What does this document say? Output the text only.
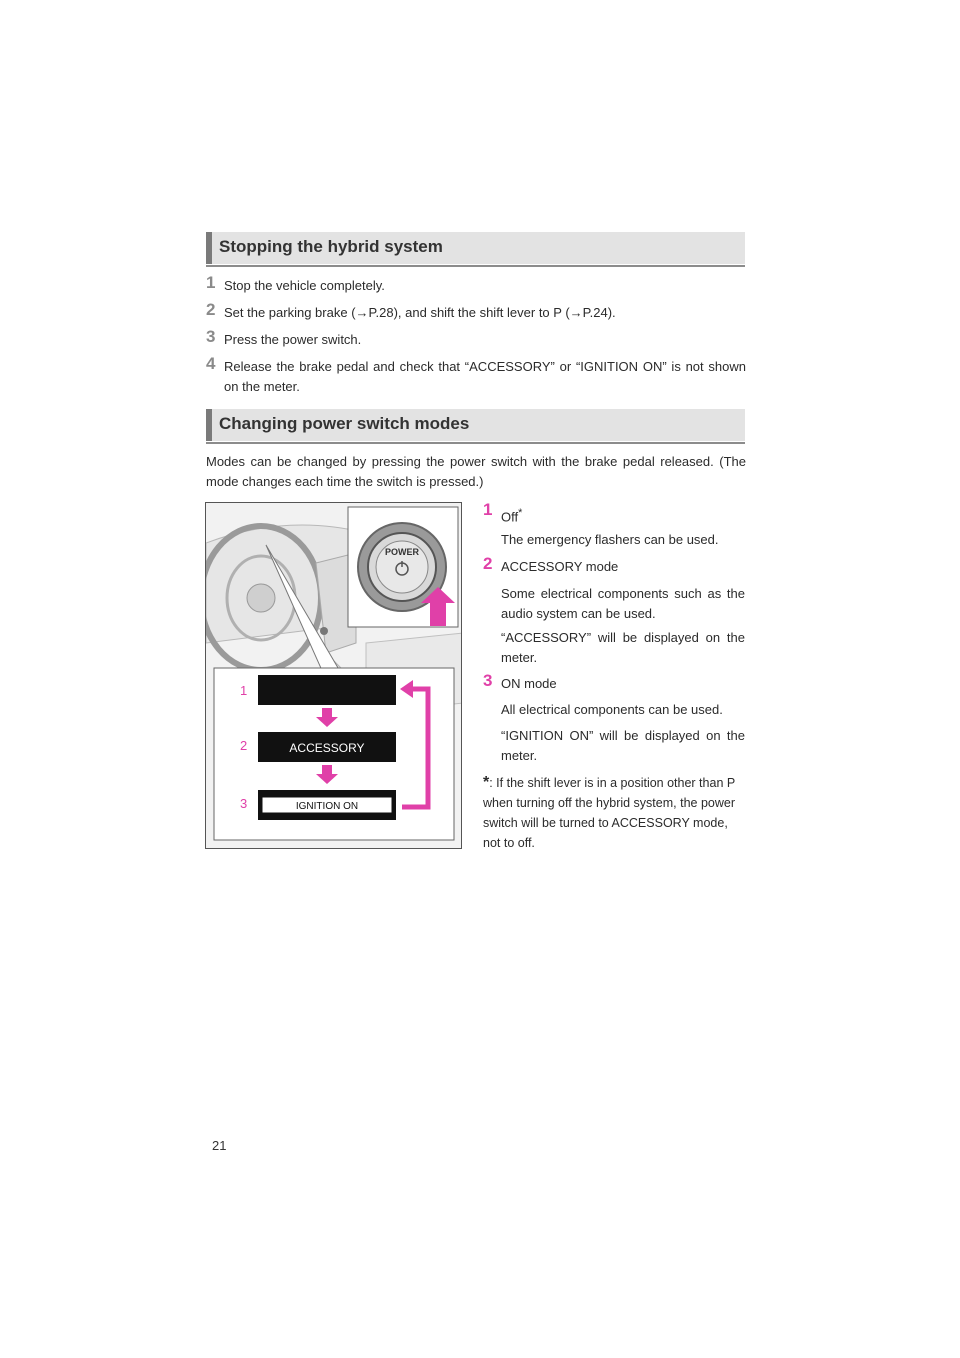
Stopping the hybrid system
1 Stop the vehicle completely.
2 Set the parking brake (→P.28), and shift the shift lever to P (→P.24).
3 Press the power switch.
4 Release the brake pedal and check that “ACCESSORY” or “IGNITION ON” is not shown on the meter.
Changing power switch modes
Modes can be changed by pressing the power switch with the brake pedal released. (The mode changes each time the switch is pressed.)
POWER
1
2
3
ACCESSORY
IGNITION ON
1 Off*
The emergency flashers can be used.
2 ACCESSORY mode
Some electrical components such as the audio system can be used.
“ACCESSORY” will be displayed on the meter.
3 ON mode
All electrical components can be used.
“IGNITION ON” will be displayed on the meter.
*: If the shift lever is in a position other than P when turning off the hybrid system, the power switch will be turned to ACCESSORY mode, not to off.
21
